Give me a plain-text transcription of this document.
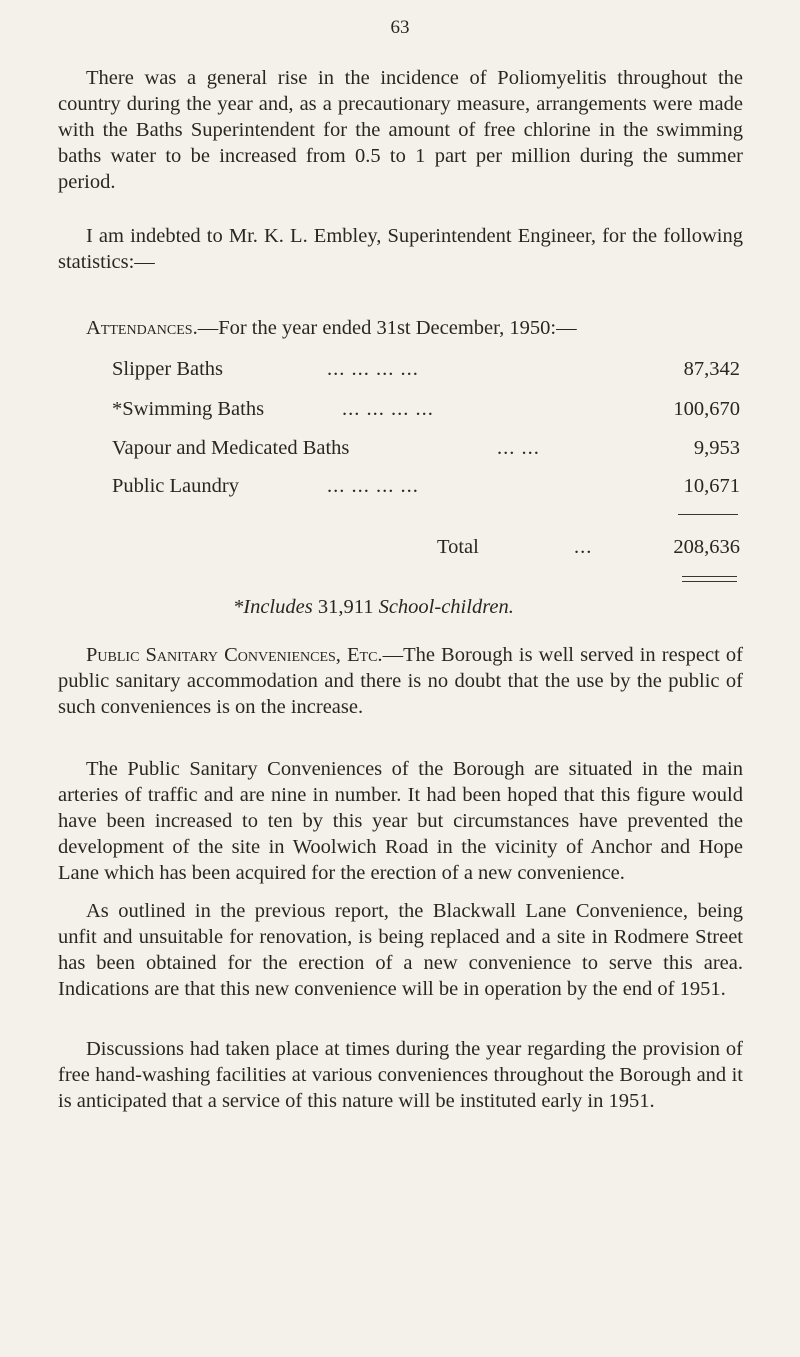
63
There was a general rise in the incidence of Poliomyelitis throughout the country during the year and, as a precautionary measure, arrangements were made with the Baths Superintendent for the amount of free chlorine in the swimming baths water to be increased from 0.5 to 1 part per million during the summer period.
I am indebted to Mr. K. L. Embley, Superintendent Engineer, for the following statistics:—
Attendances.—For the year ended 31st December, 1950:—
Slipper Baths	... ... ... ...	87,342
*Swimming Baths	... ... ... ...	100,670
Vapour and Medicated Baths	... ...	9,953
Public Laundry	... ... ... ...	10,671
Total	...	208,636
*Includes 31,911 School-children.
Public Sanitary Conveniences, Etc.—The Borough is well served in respect of public sanitary accommodation and there is no doubt that the use by the public of such conveniences is on the increase.
The Public Sanitary Conveniences of the Borough are situated in the main arteries of traffic and are nine in number. It had been hoped that this figure would have been increased to ten by this year but circumstances have prevented the development of the site in Woolwich Road in the vicinity of Anchor and Hope Lane which has been acquired for the erection of a new convenience.
As outlined in the previous report, the Blackwall Lane Convenience, being unfit and unsuitable for renovation, is being replaced and a site in Rodmere Street has been obtained for the erection of a new convenience to serve this area. Indications are that this new convenience will be in operation by the end of 1951.
Discussions had taken place at times during the year regarding the provision of free hand-washing facilities at various conveniences throughout the Borough and it is anticipated that a service of this nature will be instituted early in 1951.
